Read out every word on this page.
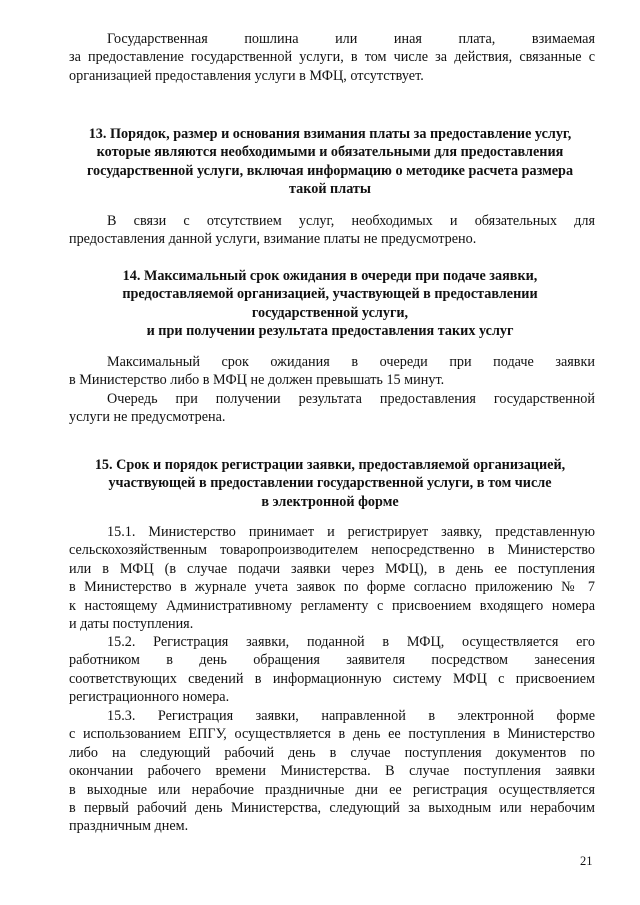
Государственная пошлина или иная плата, взимаемая
за предоставление государственной услуги, в том числе за действия, связанные с
организацией предоставления услуги в МФЦ, отсутствует.
13. Порядок, размер и основания взимания платы за предоставление услуг,
которые являются необходимыми и обязательными для предоставления
государственной услуги, включая информацию о методике расчета размера
такой платы
В связи с отсутствием услуг, необходимых и обязательных для
предоставления данной услуги, взимание платы не предусмотрено.
14. Максимальный срок ожидания в очереди при подаче заявки,
предоставляемой организацией, участвующей в предоставлении
государственной услуги,
и при получении результата предоставления таких услуг
Максимальный срок ожидания в очереди при подаче заявки
в Министерство либо в МФЦ не должен превышать 15 минут.
Очередь при получении результата предоставления государственной
услуги не предусмотрена.
15. Срок и порядок регистрации заявки, предоставляемой организацией,
участвующей в предоставлении государственной услуги, в том числе
в электронной форме
15.1. Министерство принимает и регистрирует заявку, представленную
сельскохозяйственным товаропроизводителем непосредственно в Министерство
или в МФЦ (в случае подачи заявки через МФЦ), в день ее поступления
в Министерство в журнале учета заявок по форме согласно приложению № 7
к настоящему Административному регламенту с присвоением входящего номера
и даты поступления.
15.2. Регистрация заявки, поданной в МФЦ, осуществляется его
работником в день обращения заявителя посредством занесения
соответствующих сведений в информационную систему МФЦ с присвоением
регистрационного номера.
15.3. Регистрация заявки, направленной в электронной форме
с использованием ЕПГУ, осуществляется в день ее поступления в Министерство
либо на следующий рабочий день в случае поступления документов по
окончании рабочего времени Министерства. В случае поступления заявки
в выходные или нерабочие праздничные дни ее регистрация осуществляется
в первый рабочий день Министерства, следующий за выходным или нерабочим
праздничным днем.
21
